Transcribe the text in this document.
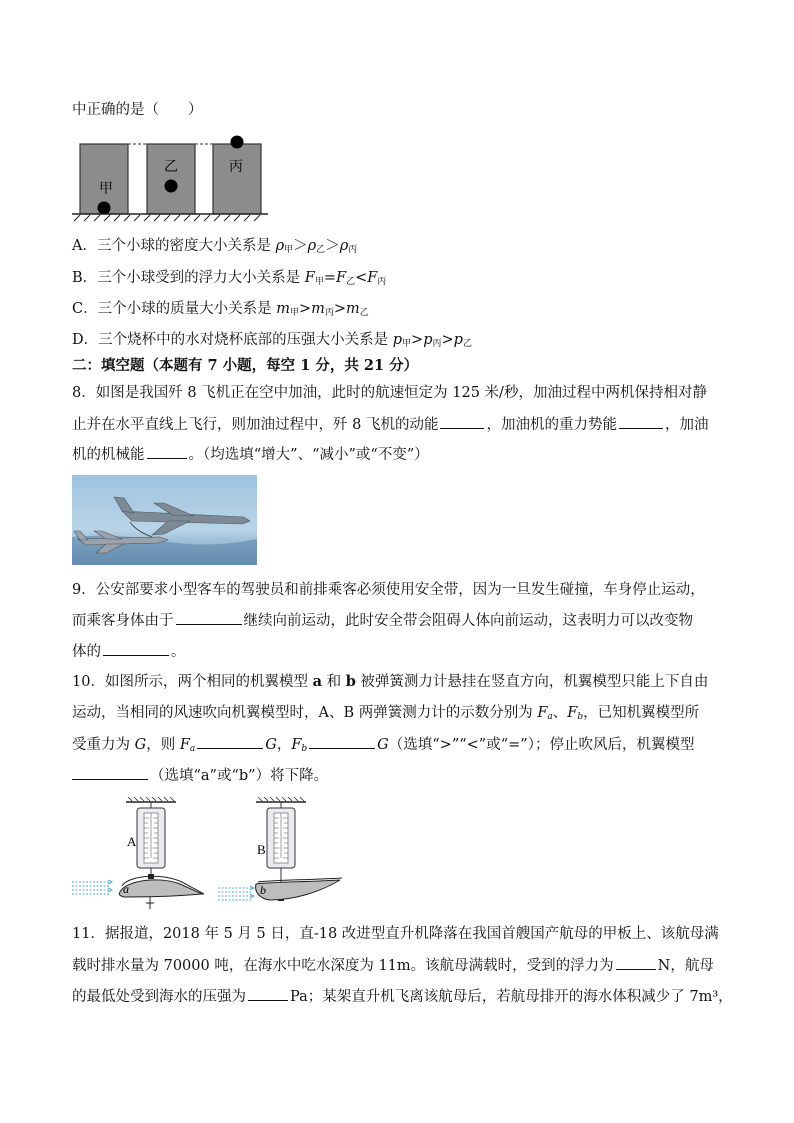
中正确的是（　　）
甲
乙	丙
A．三个小球的密度大小关系是 $\rho_甲>\rho_乙>\rho_丙$
B．三个小球受到的浮力大小关系是 $F_甲=F_乙<F_丙$
C．三个小球的质量大小关系是 $m_甲>m_丙>m_乙$
D．三个烧杯中的水对烧杯底部的压强大小关系是 $p_甲>p_丙>p_乙$
二：填空题（本题有 7 小题，每空 1 分，共 21 分）
8．如图是我国歼 8 飞机正在空中加油，此时的航速恒定为 125 米/秒，加油过程中两机保持相对静
止并在水平直线上飞行，则加油过程中，歼 8 飞机的动能	，加油机的重力势能	，加油
机的机械能	。（均选填“增大”、“减小”或“不变”）
9．公安部要求小型客车的驾驶员和前排乘客必须使用安全带，因为一旦发生碰撞，车身停止运动，
而乘客身体由于	继续向前运动，此时安全带会阻碍人体向前运动，这表明力可以改变物
体的	。
10．如图所示，两个相同的机翼模型 a 和 b 被弹簧测力计悬挂在竖直方向，机翼模型只能上下自由
运动，当相同的风速吹向机翼模型时，A、B 两弹簧测力计的示数分别为 $F_a$、$F_b$，已知机翼模型所
受重力为 G，则 $F_a$	G，$F_b$	G（选填“>”“<”或“=”）；停止吹风后，机翼模型
（选填“a”或“b”）将下降。
A
a
B
b
11．据报道，2018 年 5 月 5 日，直-18 改进型直升机降落在我国首艘国产航母的甲板上、该航母满
载时排水量为 70000 吨，在海水中吃水深度为 11m。该航母满载时，受到的浮力为	N，航母
的最低处受到海水的压强为	Pa；某架直升机飞离该航母后，若航母排开的海水体积减少了 7m³，
